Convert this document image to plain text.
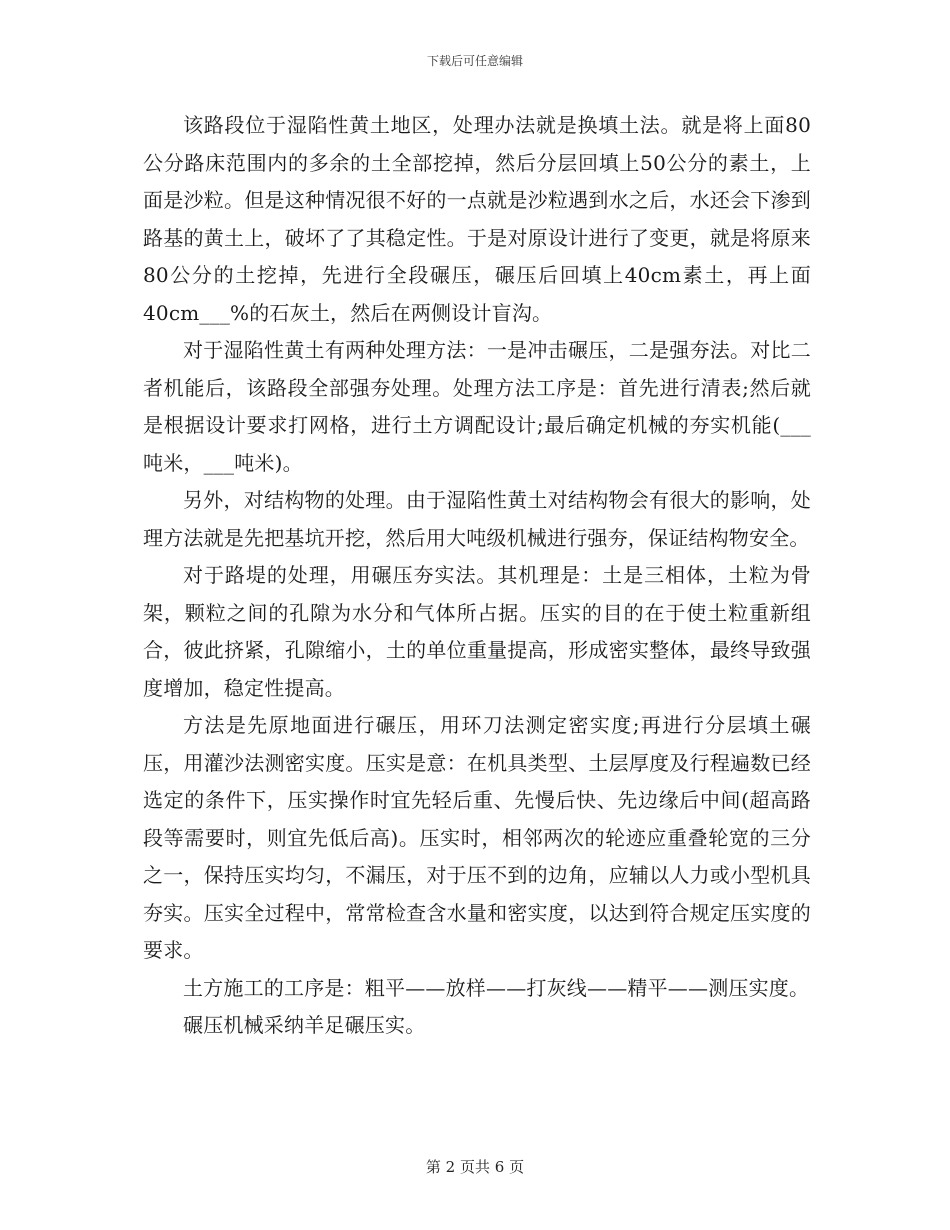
下载后可任意编辑

该路段位于湿陷性黄土地区，处理办法就是换填土法。就是将上面80公分路床范围内的多余的土全部挖掉，然后分层回填上50公分的素土，上面是沙粒。但是这种情况很不好的一点就是沙粒遇到水之后，水还会下渗到路基的黄土上，破坏了了其稳定性。于是对原设计进行了变更，就是将原来80公分的土挖掉，先进行全段碾压，碾压后回填上40cm素土，再上面40cm___%的石灰土，然后在两侧设计盲沟。

对于湿陷性黄土有两种处理方法：一是冲击碾压，二是强夯法。对比二者机能后，该路段全部强夯处理。处理方法工序是：首先进行清表;然后就是根据设计要求打网格，进行土方调配设计;最后确定机械的夯实机能(___吨米，___吨米)。

另外，对结构物的处理。由于湿陷性黄土对结构物会有很大的影响，处理方法就是先把基坑开挖，然后用大吨级机械进行强夯，保证结构物安全。

对于路堤的处理，用碾压夯实法。其机理是：土是三相体，土粒为骨架，颗粒之间的孔隙为水分和气体所占据。压实的目的在于使土粒重新组合，彼此挤紧，孔隙缩小，土的单位重量提高，形成密实整体，最终导致强度增加，稳定性提高。

方法是先原地面进行碾压，用环刀法测定密实度;再进行分层填土碾压，用灌沙法测密实度。压实是意：在机具类型、土层厚度及行程遍数已经选定的条件下，压实操作时宜先轻后重、先慢后快、先边缘后中间(超高路段等需要时，则宜先低后高)。压实时，相邻两次的轮迹应重叠轮宽的三分之一，保持压实均匀，不漏压，对于压不到的边角，应辅以人力或小型机具夯实。压实全过程中，常常检查含水量和密实度，以达到符合规定压实度的要求。

土方施工的工序是：粗平——放样——打灰线——精平——测压实度。

碾压机械采纳羊足碾压实。

第 2 页共 6 页
